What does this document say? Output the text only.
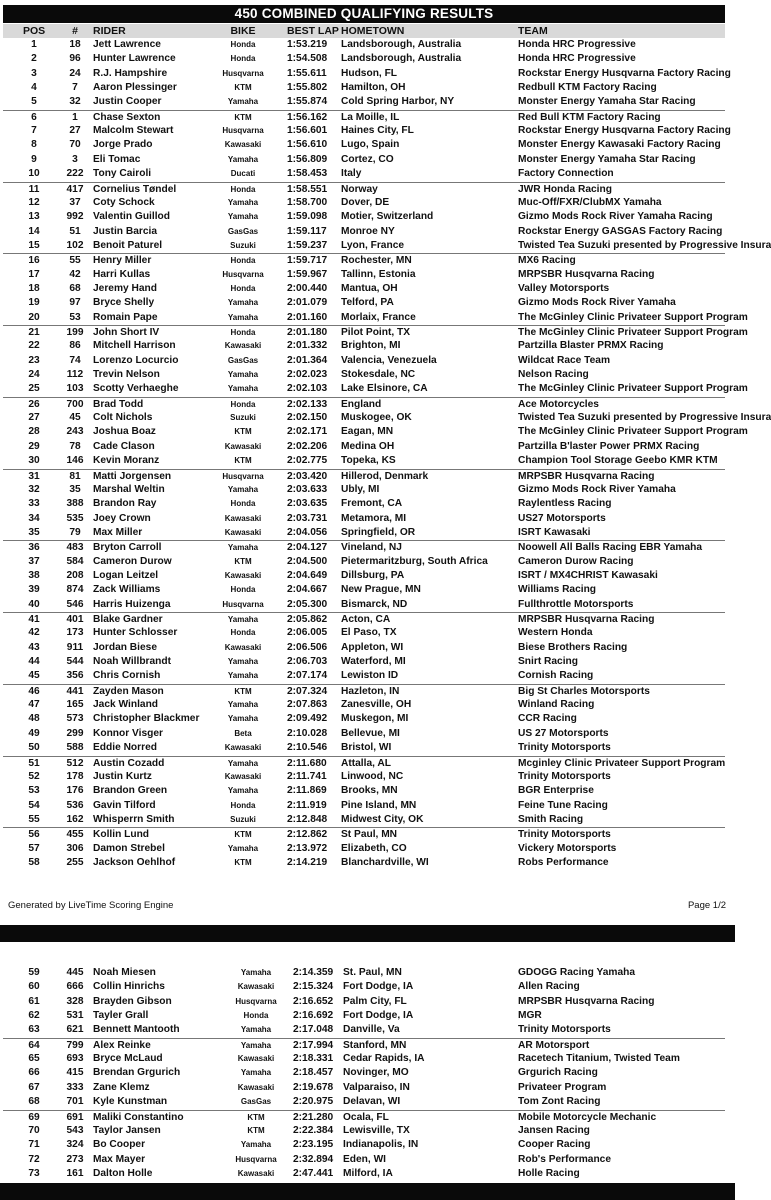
450 COMBINED QUALIFYING RESULTS
POS	#	RIDER	BIKE	BEST LAP HOMETOWN	TEAM
1	18	Jett Lawrence	Honda	1:53.219	Landsborough, Australia	Honda HRC Progressive
2	96	Hunter Lawrence	Honda	1:54.508	Landsborough, Australia	Honda HRC Progressive
3	24	R.J. Hampshire	Husqvarna	1:55.611	Hudson, FL	Rockstar Energy Husqvarna Factory Racing
4	7	Aaron Plessinger	KTM	1:55.802	Hamilton, OH	Redbull KTM Factory Racing
5	32	Justin Cooper	Yamaha	1:55.874	Cold Spring Harbor, NY	Monster Energy Yamaha Star Racing
6	1	Chase Sexton	KTM	1:56.162	La Moille, IL	Red Bull KTM Factory Racing
7	27	Malcolm Stewart	Husqvarna	1:56.601	Haines City, FL	Rockstar Energy Husqvarna Factory Racing
8	70	Jorge Prado	Kawasaki	1:56.610	Lugo, Spain	Monster Energy Kawasaki Factory Racing
9	3	Eli Tomac	Yamaha	1:56.809	Cortez, CO	Monster Energy Yamaha Star Racing
10	222 Tony Cairoli	Ducati	1:58.453	Italy	Factory Connection
11	417 Cornelius Tøndel	Honda	1:58.551	Norway	JWR Honda Racing
12	37	Coty Schock	Yamaha	1:58.700	Dover, DE	Muc-Off/FXR/ClubMX Yamaha
13	992 Valentin Guillod	Yamaha	1:59.098	Motier, Switzerland	Gizmo Mods Rock River Yamaha Racing
14	51	Justin Barcia	GasGas	1:59.117	Monroe NY	Rockstar Energy GASGAS Factory Racing
15	102 Benoit Paturel	Suzuki	1:59.237	Lyon, France	Twisted Tea Suzuki presented by Progressive Insura
16	55	Henry Miller	Honda	1:59.717	Rochester, MN	MX6 Racing
17	42	Harri Kullas	Husqvarna	1:59.967	Tallinn, Estonia	MRPSBR Husqvarna Racing
18	68	Jeremy Hand	Honda	2:00.440	Mantua, OH	Valley Motorsports
19	97	Bryce Shelly	Yamaha	2:01.079	Telford, PA	Gizmo Mods Rock River Yamaha
20	53	Romain Pape	Yamaha	2:01.160	Morlaix, France	The McGinley Clinic Privateer Support Program
21	199 John Short IV	Honda	2:01.180	Pilot Point, TX	The McGinley Clinic Privateer Support Program
22	86	Mitchell Harrison	Kawasaki	2:01.332	Brighton, MI	Partzilla Blaster PRMX Racing
23	74	Lorenzo Locurcio	GasGas	2:01.364	Valencia, Venezuela	Wildcat Race Team
24	112 Trevin Nelson	Yamaha	2:02.023	Stokesdale, NC	Nelson Racing
25	103 Scotty Verhaeghe	Yamaha	2:02.103	Lake Elsinore, CA	The McGinley Clinic Privateer Support Program
26	700 Brad Todd	Honda	2:02.133	England	Ace Motorcycles
27	45	Colt Nichols	Suzuki	2:02.150	Muskogee, OK	Twisted Tea Suzuki presented by Progressive Insura
28	243 Joshua Boaz	KTM	2:02.171	Eagan, MN	The McGinley Clinic Privateer Support Program
29	78	Cade Clason	Kawasaki	2:02.206	Medina OH	Partzilla B'laster Power PRMX Racing
30	146 Kevin Moranz	KTM	2:02.775	Topeka, KS	Champion Tool Storage Geebo KMR KTM
31	81	Matti Jorgensen	Husqvarna	2:03.420	Hillerod, Denmark	MRPSBR Husqvarna Racing
32	35	Marshal Weltin	Yamaha	2:03.633	Ubly, MI	Gizmo Mods Rock River Yamaha
33	388 Brandon Ray	Honda	2:03.635	Fremont, CA	Raylentless Racing
34	535 Joey Crown	Kawasaki	2:03.731	Metamora, MI	US27 Motorsports
35	79	Max Miller	Kawasaki	2:04.056	Springfield, OR	ISRT Kawasaki
36	483 Bryton Carroll	Yamaha	2:04.127	Vineland, NJ	Noowell All Balls Racing EBR Yamaha
37	584 Cameron Durow	KTM	2:04.500	Pietermaritzburg, South Africa	Cameron Durow Racing
38	208 Logan Leitzel	Kawasaki	2:04.649	Dillsburg, PA	ISRT / MX4CHRIST Kawasaki
39	874 Zack Williams	Honda	2:04.667	New Prague, MN	Williams Racing
40	546 Harris Huizenga	Husqvarna	2:05.300	Bismarck, ND	Fullthrottle Motorsports
41	401 Blake Gardner	Yamaha	2:05.862	Acton, CA	MRPSBR Husqvarna Racing
42	173 Hunter Schlosser	Honda	2:06.005	El Paso, TX	Western Honda
43	911 Jordan Biese	Kawasaki	2:06.506	Appleton, WI	Biese Brothers Racing
44	544 Noah Willbrandt	Yamaha	2:06.703	Waterford, MI	Snirt Racing
45	356 Chris Cornish	Yamaha	2:07.174	Lewiston ID	Cornish Racing
46	441 Zayden Mason	KTM	2:07.324	Hazleton, IN	Big St Charles Motorsports
47	165 Jack Winland	Yamaha	2:07.863	Zanesville, OH	Winland Racing
48	573 Christopher Blackmer	Yamaha	2:09.492	Muskegon, MI	CCR Racing
49	299 Konnor Visger	Beta	2:10.028	Bellevue, MI	US 27 Motorsports
50	588 Eddie Norred	Kawasaki	2:10.546	Bristol, WI	Trinity Motorsports
51	512 Austin Cozadd	Yamaha	2:11.680	Attalla, AL	Mcginley Clinic Privateer Support Program
52	178 Justin Kurtz	Kawasaki	2:11.741	Linwood, NC	Trinity Motorsports
53	176 Brandon Green	Yamaha	2:11.869	Brooks, MN	BGR Enterprise
54	536 Gavin Tilford	Honda	2:11.919	Pine Island, MN	Feine Tune Racing
55	162 Whisperrn Smith	Suzuki	2:12.848	Midwest City, OK	Smith Racing
56	455 Kollin Lund	KTM	2:12.862	St Paul, MN	Trinity Motorsports
57	306 Damon Strebel	Yamaha	2:13.972	Elizabeth, CO	Vickery Motorsports
58	255 Jackson Oehlhof	KTM	2:14.219	Blanchardville, WI	Robs Performance
Generated by LiveTime Scoring Engine	Page 1/2
59	445 Noah Miesen	Yamaha	2:14.359 St. Paul, MN	GDOGG Racing Yamaha
60	666 Collin Hinrichs	Kawasaki	2:15.324 Fort Dodge, IA	Allen Racing
61	328 Brayden Gibson	Husqvarna	2:16.652 Palm City, FL	MRPSBR Husqvarna Racing
62	531 Tayler Grall	Honda	2:16.692 Fort Dodge, IA	MGR
63	621 Bennett Mantooth	Yamaha	2:17.048 Danville, Va	Trinity Motorsports
64	799 Alex Reinke	Yamaha	2:17.994 Stanford, MN	AR Motorsport
65	693 Bryce McLaud	Kawasaki	2:18.331 Cedar Rapids, IA	Racetech Titanium, Twisted Team
66	415 Brendan Grgurich	Yamaha	2:18.457 Novinger, MO	Grgurich Racing
67	333 Zane Klemz	Kawasaki	2:19.678 Valparaiso, IN	Privateer Program
68	701 Kyle Kunstman	GasGas	2:20.975 Delavan, WI	Tom Zont Racing
69	691 Maliki Constantino	KTM	2:21.280 Ocala, FL	Mobile Motorcycle Mechanic
70	543 Taylor Jansen	KTM	2:22.384 Lewisville, TX	Jansen Racing
71	324 Bo Cooper	Yamaha	2:23.195 Indianapolis, IN	Cooper Racing
72	273 Max Mayer	Husqvarna	2:32.894 Eden, WI	Rob's Performance
73	161 Dalton Holle	Kawasaki	2:47.441 Milford, IA	Holle Racing
